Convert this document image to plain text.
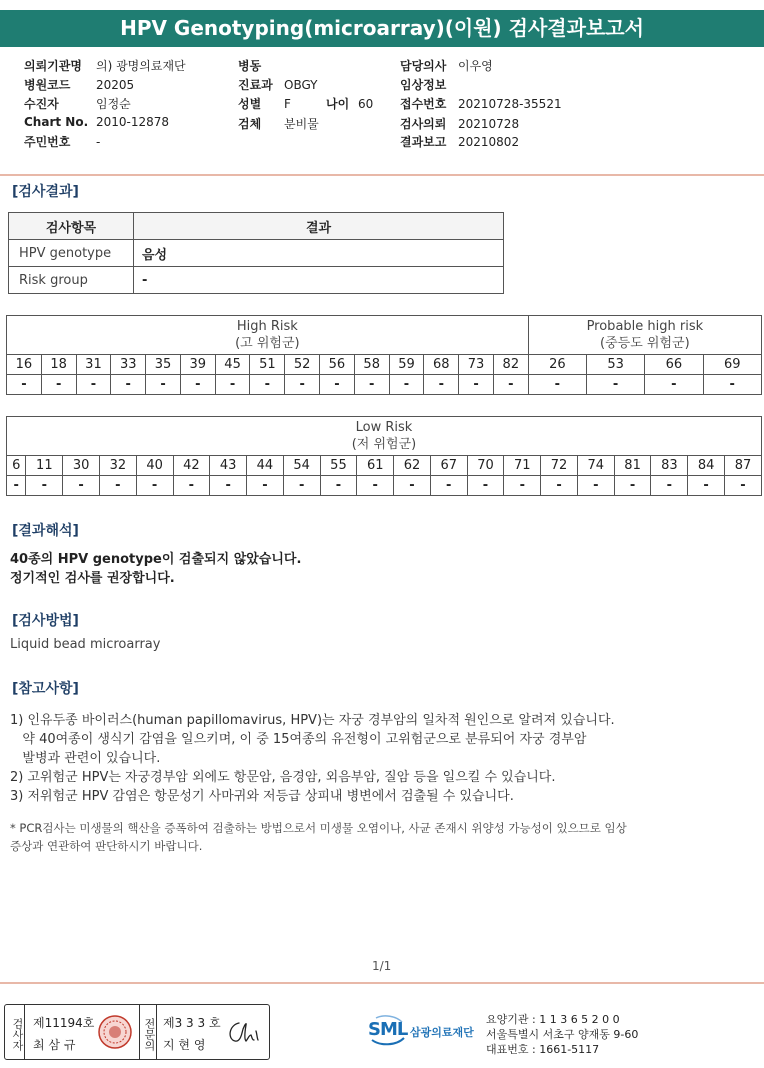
HPV Genotyping(microarray)(이원) 검사결과보고서
의뢰기관명 의) 광명의료재단
병원코드 20205
수진자	임정순
Chart No. 2010-12878
주민번호 -
병동
진료과 OBGY
성별 F
검체 분비물
담당의사 이우영
임상정보
접수번호 20210728-35521
검사의뢰 20210728
결과보고 20210802
나이 60
[검사결과]
검사항목	결과
HPV genotype	음성
Risk group	-
High Risk
(고 위험군)															Probable high risk
(중등도 위험군)			
16	18	31	33	35	39	45	51	52	56	58	59	68	73	82	26	53	66	69
-	-	-	-	-	-	-	-	-	-	-	-	-	-	-	-	-	-	-
Low Risk
(저 위험군)																				
6	11	30	32	40	42	43	44	54	55	61	62	67	70	71	72	74	81	83	84	87
-	-	-	-	-	-	-	-	-	-	-	-	-	-	-	-	-	-	-	-	-
[결과해석]
40종의 HPV genotype이 검출되지 않았습니다.
정기적인 검사를 권장합니다.
[검사방법]
Liquid bead microarray
[참고사항]
1) 인유두종 바이러스(human papillomavirus, HPV)는 자궁 경부암의 일차적 원인으로 알려져 있습니다.
약 40여종이 생식기 감염을 일으키며, 이 중 15여종의 유전형이 고위험군으로 분류되어 자궁 경부암
발병과 관련이 있습니다.
2) 고위험군 HPV는 자궁경부암 외에도 항문암, 음경암, 외음부암, 질암 등을 일으킬 수 있습니다.
3) 저위험군 HPV 감염은 항문성기 사마귀와 저등급 상피내 병변에서 검출될 수 있습니다.
* PCR검사는 미생물의 핵산을 증폭하여 검출하는 방법으로서 미생물 오염이나, 사균 존재시 위양성 가능성이 있으므로 임상
증상과 연관하여 판단하시기 바랍니다.
1/1
검사자 제11194호
최 삼 규	전문의 제3 3 3 호
지 현 영
SML 삼광의료재단
요양기관 : 1 1 3 6 5 2 0 0
서울특별시 서초구 양재동 9-60
대표번호 : 1661-5117
